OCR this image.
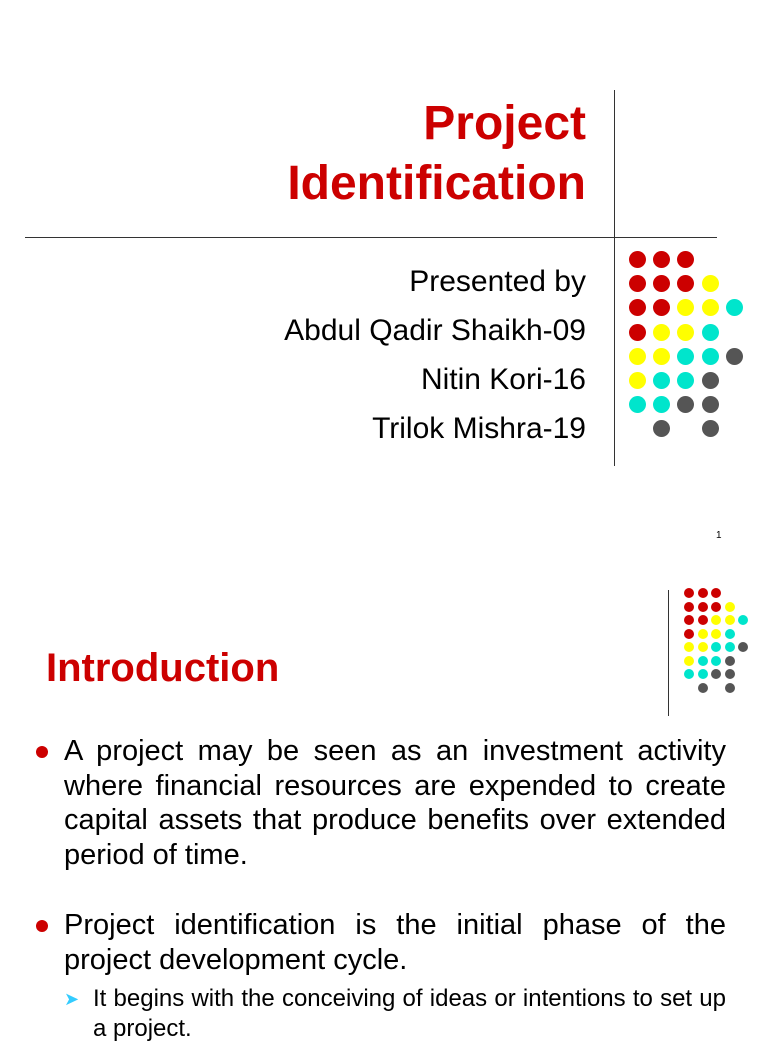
Project
Identification
Presented by
Abdul Qadir Shaikh-09
Nitin Kori-16
Trilok Mishra-19
1
Introduction
A project may be seen as an investment activity where financial resources are expended to create capital assets that produce benefits over extended period of time.
Project identification is the initial phase of the project development cycle.
➤ It begins with the conceiving of ideas or intentions to set up a project.
